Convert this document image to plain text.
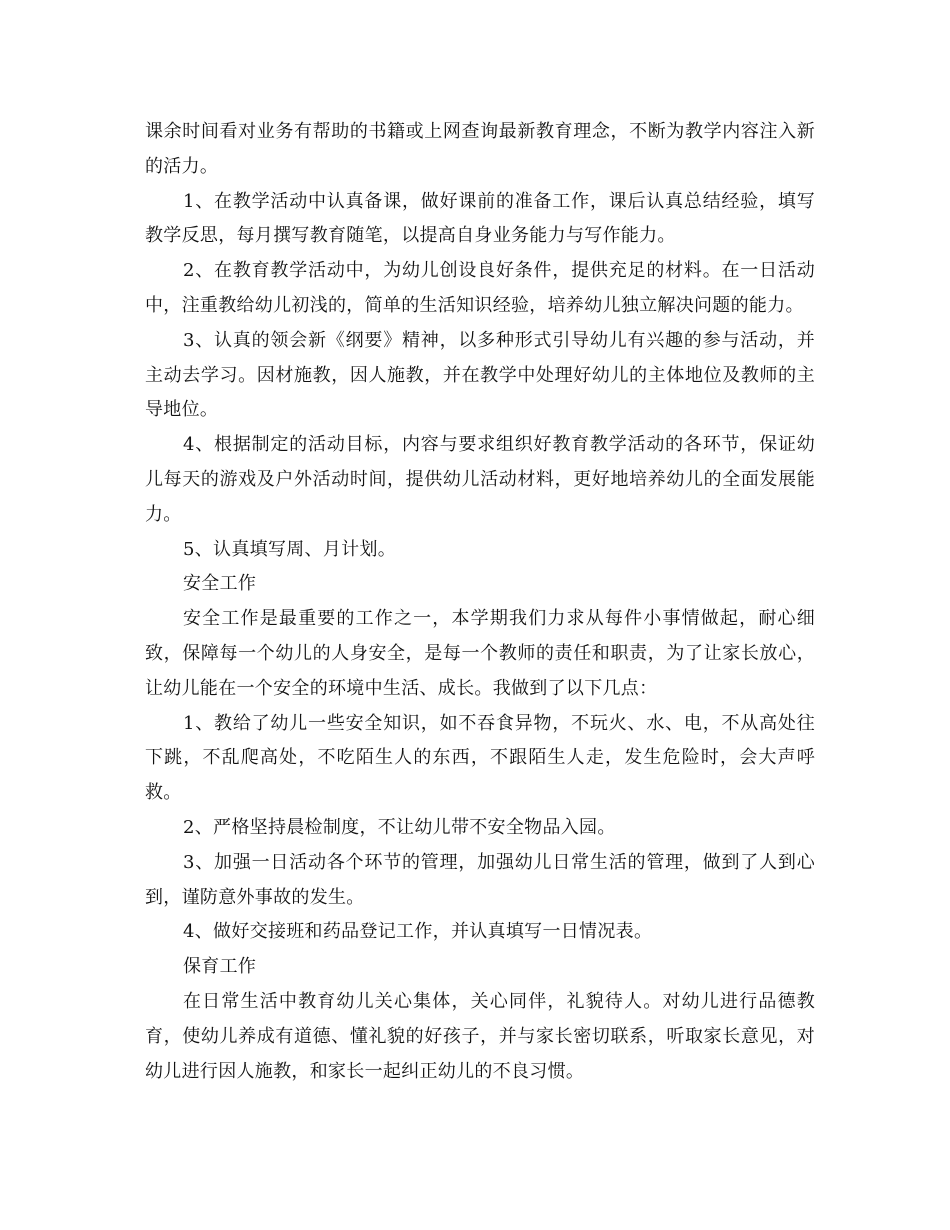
课余时间看对业务有帮助的书籍或上网查询最新教育理念，不断为教学内容注入新的活力。

1、在教学活动中认真备课，做好课前的准备工作，课后认真总结经验，填写教学反思，每月撰写教育随笔，以提高自身业务能力与写作能力。

2、在教育教学活动中，为幼儿创设良好条件，提供充足的材料。在一日活动中，注重教给幼儿初浅的，简单的生活知识经验，培养幼儿独立解决问题的能力。

3、认真的领会新《纲要》精神，以多种形式引导幼儿有兴趣的参与活动，并主动去学习。因材施教，因人施教，并在教学中处理好幼儿的主体地位及教师的主导地位。

4、根据制定的活动目标，内容与要求组织好教育教学活动的各环节，保证幼儿每天的游戏及户外活动时间，提供幼儿活动材料，更好地培养幼儿的全面发展能力。

5、认真填写周、月计划。

安全工作

安全工作是最重要的工作之一，本学期我们力求从每件小事情做起，耐心细致，保障每一个幼儿的人身安全，是每一个教师的责任和职责，为了让家长放心，让幼儿能在一个安全的环境中生活、成长。我做到了以下几点：

1、教给了幼儿一些安全知识，如不吞食异物，不玩火、水、电，不从高处往下跳，不乱爬高处，不吃陌生人的东西，不跟陌生人走，发生危险时，会大声呼救。

2、严格坚持晨检制度，不让幼儿带不安全物品入园。

3、加强一日活动各个环节的管理，加强幼儿日常生活的管理，做到了人到心到，谨防意外事故的发生。

4、做好交接班和药品登记工作，并认真填写一日情况表。

保育工作

在日常生活中教育幼儿关心集体，关心同伴，礼貌待人。对幼儿进行品德教育，使幼儿养成有道德、懂礼貌的好孩子，并与家长密切联系，听取家长意见，对幼儿进行因人施教，和家长一起纠正幼儿的不良习惯。
